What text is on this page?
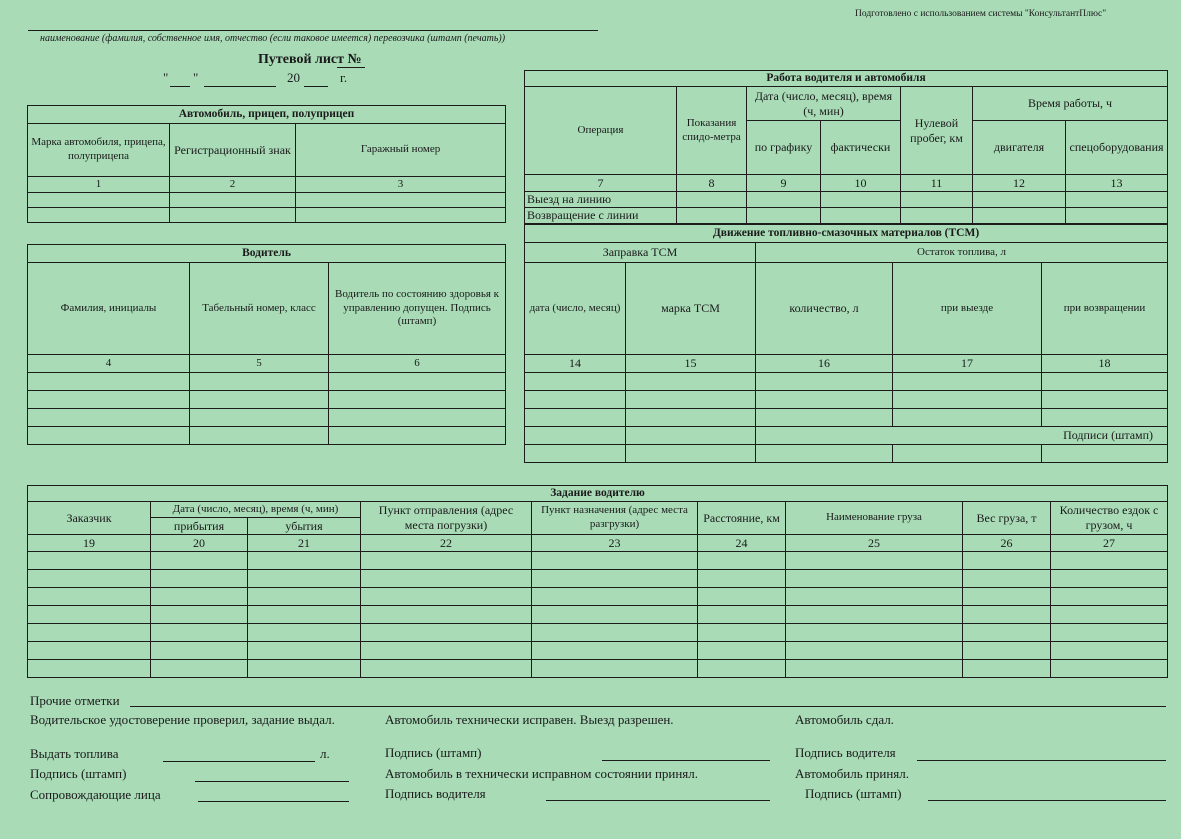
Подготовлено с использованием системы "КонсультантПлюс"
наименование (фамилия, собственное имя, отчество (если таковое имеется) перевозчика (штамп (печать))
Путевой лист №
" "	20	г.
Автомобиль, прицеп, полуприцеп		
Марка автомобиля, прицепа, полуприцепа	Регистрационный знак	Гаражный номер
1	2	3

Водитель		
Фамилия, инициалы	Табельный номер, класс	Водитель по состоянию здоровья к управлению допущен. Подпись (штамп)
4	5	6

Работа водителя и автомобиля						
Операция	Показания спидо-метра	Дата (число, месяц), время (ч, мин)		Нулевой пробег, км	Время работы, ч	
		по графику	фактически		двигателя	спецоборудования
7	8	9	10	11	12	13
Выезд на линию						
Возвращение с линии						
Движение топливно-смазочных материалов (ТСМ)				
Заправка ТСМ		Остаток топлива, л		
дата (число, месяц)	марка ТСМ	количество, л	при выезде	при возвращении
14	15	16	17	18

		Подписи (штамп)		

Задание водителю								
Заказчик	Дата (число, месяц), время (ч, мин)		Пункт отправления (адрес места погрузки)	Пункт назначения (адрес места разгрузки)	Расстояние, км	Наименование груза	Вес груза, т	Количество ездок с грузом, ч
	прибытия	убытия						
19	20	21	22	23	24	25	26	27

Прочие отметки
Водительское удостоверение проверил, задание выдал.	Автомобиль технически исправен. Выезд разрешен.	Автомобиль сдал.
Выдать топлива	л.	Подпись (штамп)	Подпись водителя
Подпись (штамп)	Автомобиль в технически исправном состоянии принял.	Автомобиль принял.
Сопровождающие лица	Подпись водителя	Подпись (штамп)
